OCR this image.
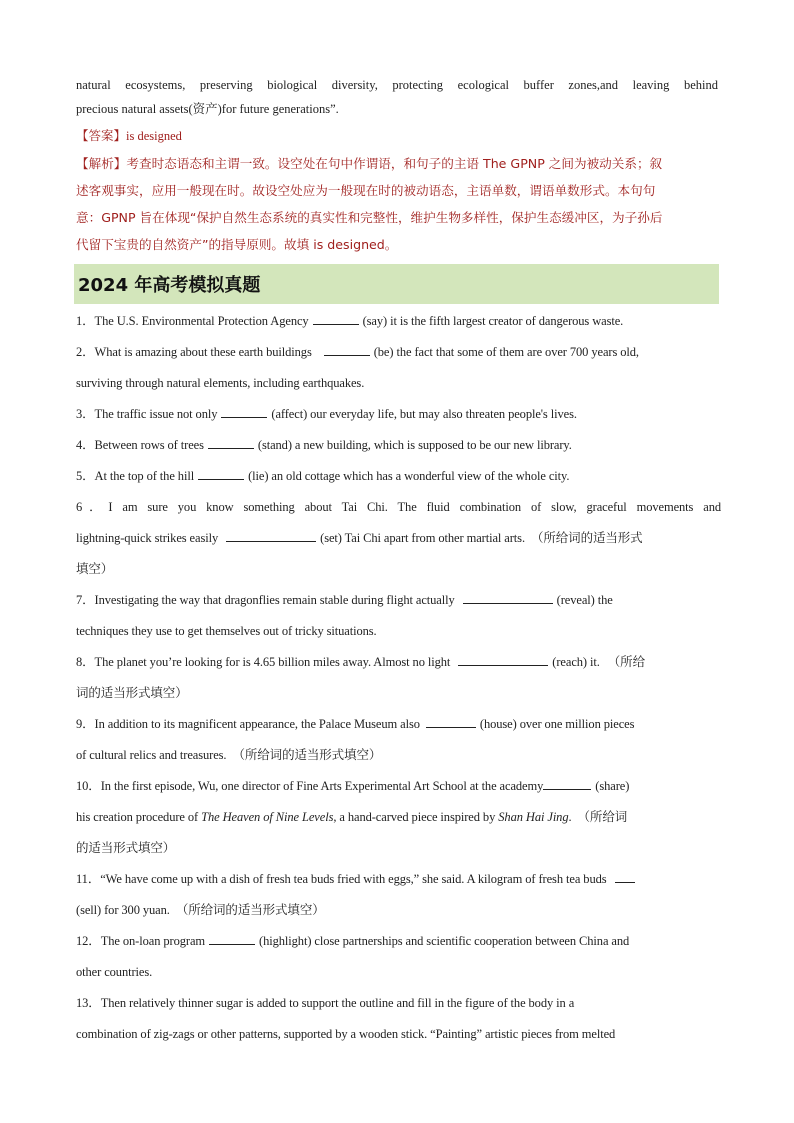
natural ecosystems, preserving biological diversity, protecting ecological buffer zones,and leaving behind
precious natural assets(资产)for future generations”.
【答案】is designed
【解析】考查时态语态和主谓一致。设空处在句中作谓语，和句子的主语 The GPNP 之间为被动关系；叙
述客观事实，应用一般现在时。故设空处应为一般现在时的被动语态，主语单数，谓语单数形式。本句句
意：GPNP 旨在体现“保护自然生态系统的真实性和完整性，维护生物多样性，保护生态缓冲区，为子孙后
代留下宝贵的自然资产”的指导原则。故填 is designed。
2024 年高考模拟真题
1．The U.S. Environmental Protection Agency	(say) it is the fifth largest creator of dangerous waste.
2．What is amazing about these earth buildings	(be) the fact that some of them are over 700 years old,
surviving through natural elements, including earthquakes.
3．The traffic issue not only	(affect) our everyday life, but may also threaten people's lives.
4．Between rows of trees	(stand) a new building, which is supposed to be our new library.
5．At the top of the hill	(lie) an old cottage which has a wonderful view of the whole city.
6．I am sure you know something about Tai Chi. The fluid combination of slow, graceful movements and
lightning-quick strikes easily	(set) Tai Chi apart from other martial arts. （所给词的适当形式
填空）
7．Investigating the way that dragonflies remain stable during flight actually	(reveal) the
techniques they use to get themselves out of tricky situations.
8．The planet you’re looking for is 4.65 billion miles away. Almost no light	(reach) it. （所给
词的适当形式填空）
9．In addition to its magnificent appearance, the Palace Museum also	(house) over one million pieces
of cultural relics and treasures. （所给词的适当形式填空）
10．In the first episode, Wu, one director of Fine Arts Experimental Art School at the academy	(share)
his creation procedure of The Heaven of Nine Levels, a hand-carved piece inspired by Shan Hai Jing. （所给词
的适当形式填空）
11．“We have come up with a dish of fresh tea buds fried with eggs,” she said. A kilogram of fresh tea buds
(sell) for 300 yuan. （所给词的适当形式填空）
12．The on-loan program	(highlight) close partnerships and scientific cooperation between China and
other countries.
13．Then relatively thinner sugar is added to support the outline and fill in the figure of the body in a
combination of zig-zags or other patterns, supported by a wooden stick. “Painting” artistic pieces from melted
